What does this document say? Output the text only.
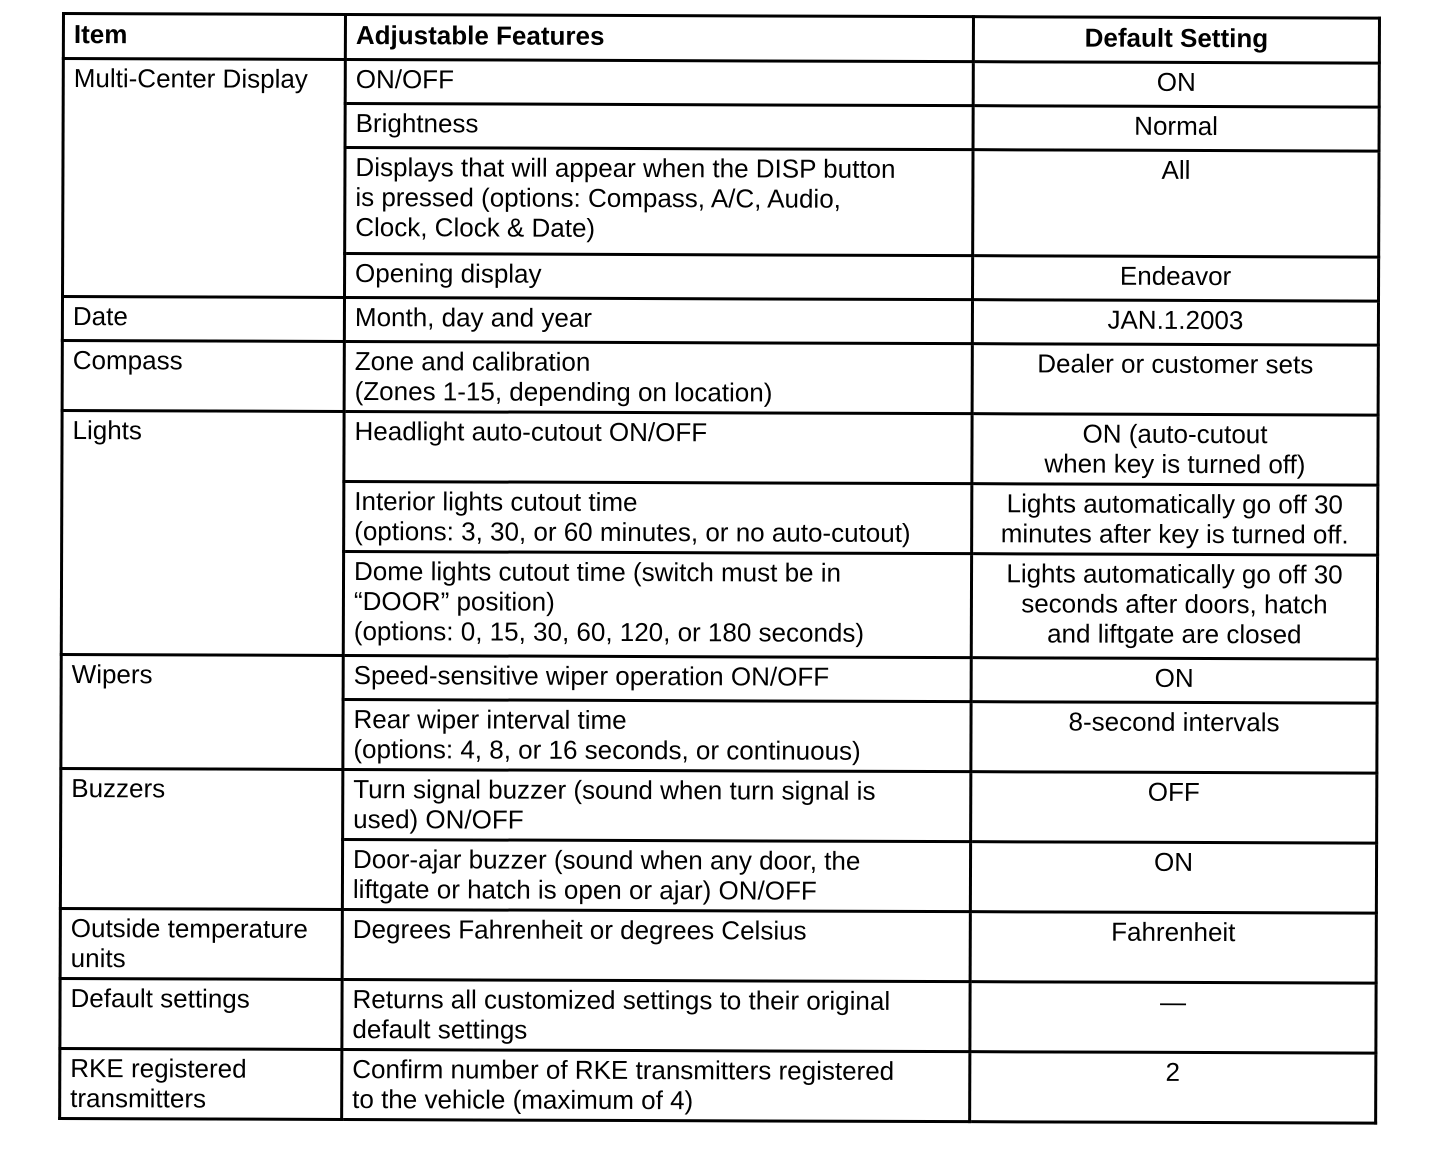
Item	Adjustable Features	Default Setting

Multi-Center Display	ON/OFF	ON

	Brightness	Normal

	Displays that will appear when the DISP button
is pressed (options: Compass, A/C, Audio,
Clock, Clock & Date)	All

	Opening display	Endeavor

Date	Month, day and year	JAN.1.2003

Compass	Zone and calibration
(Zones 1-15, depending on location)	Dealer or customer sets

Lights	Headlight auto-cutout ON/OFF	ON (auto-cutout
when key is turned off)

	Interior lights cutout time
(options: 3, 30, or 60 minutes, or no auto-cutout)	Lights automatically go off 30
minutes after key is turned off.

	Dome lights cutout time (switch must be in
“DOOR” position)
(options: 0, 15, 30, 60, 120, or 180 seconds)	Lights automatically go off 30
seconds after doors, hatch
and liftgate are closed

Wipers	Speed-sensitive wiper operation ON/OFF	ON

	Rear wiper interval time
(options: 4, 8, or 16 seconds, or continuous)	8-second intervals

Buzzers	Turn signal buzzer (sound when turn signal is
used) ON/OFF	OFF

	Door-ajar buzzer (sound when any door, the
liftgate or hatch is open or ajar) ON/OFF	ON

Outside temperature
units	Degrees Fahrenheit or degrees Celsius	Fahrenheit

Default settings	Returns all customized settings to their original
default settings	—

RKE registered
transmitters	Confirm number of RKE transmitters registered
to the vehicle (maximum of 4)	2
